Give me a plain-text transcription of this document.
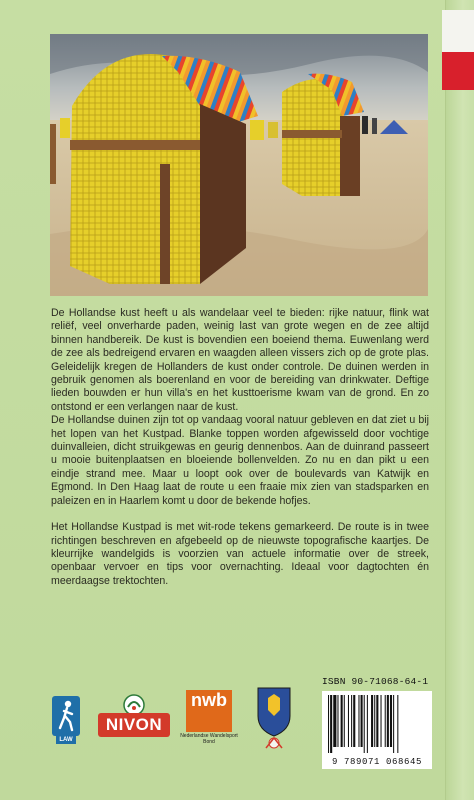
De Hollandse kust heeft u als wandelaar veel te bieden: rijke natuur, flink wat reliëf, veel onverharde paden, weinig last van grote wegen en de zee altijd binnen handbereik. De kust is bovendien een boeiend thema. Euwenlang werd de zee als bedreigend ervaren en waagden alleen vissers zich op de grote plas. Geleidelijk kregen de Hollanders de kust onder controle. De duinen werden in gebruik genomen als boerenland en voor de bereiding van drinkwater. Deftige lieden bouwden er hun villa's en het kusttoerisme kwam van de grond. En zo ontstond er een verlangen naar de kust.

De Hollandse duinen zijn tot op vandaag vooral natuur gebleven en dat ziet u bij het lopen van het Kustpad. Blanke toppen worden afgewisseld door vochtige duinvalleien, dicht struikgewas en geurig dennenbos. Aan de duinrand passeert u mooie buitenplaatsen en bloeiende bollenvelden. Zo nu en dan pikt u een eindje strand mee. Maar u loopt ook over de boulevards van Katwijk en Egmond. In Den Haag laat de route u een fraaie mix zien van stadsparken en paleizen en in Haarlem komt u door de bekende hofjes.

Het Hollandse Kustpad is met wit-rode tekens gemarkeerd. De route is in twee richtingen beschreven en afgebeeld op de nieuwste topografische kaartjes. De kleurrijke wandelgids is voorzien van actuele informatie over de streek, openbaar vervoer en tips voor overnachting. Ideaal voor dagtochten én meerdaagse trektochten.

LAW
NIVON
nwb
Nederlandse Wandelsport Bond
ISBN 90-71068-64-1
9 789071 068645
